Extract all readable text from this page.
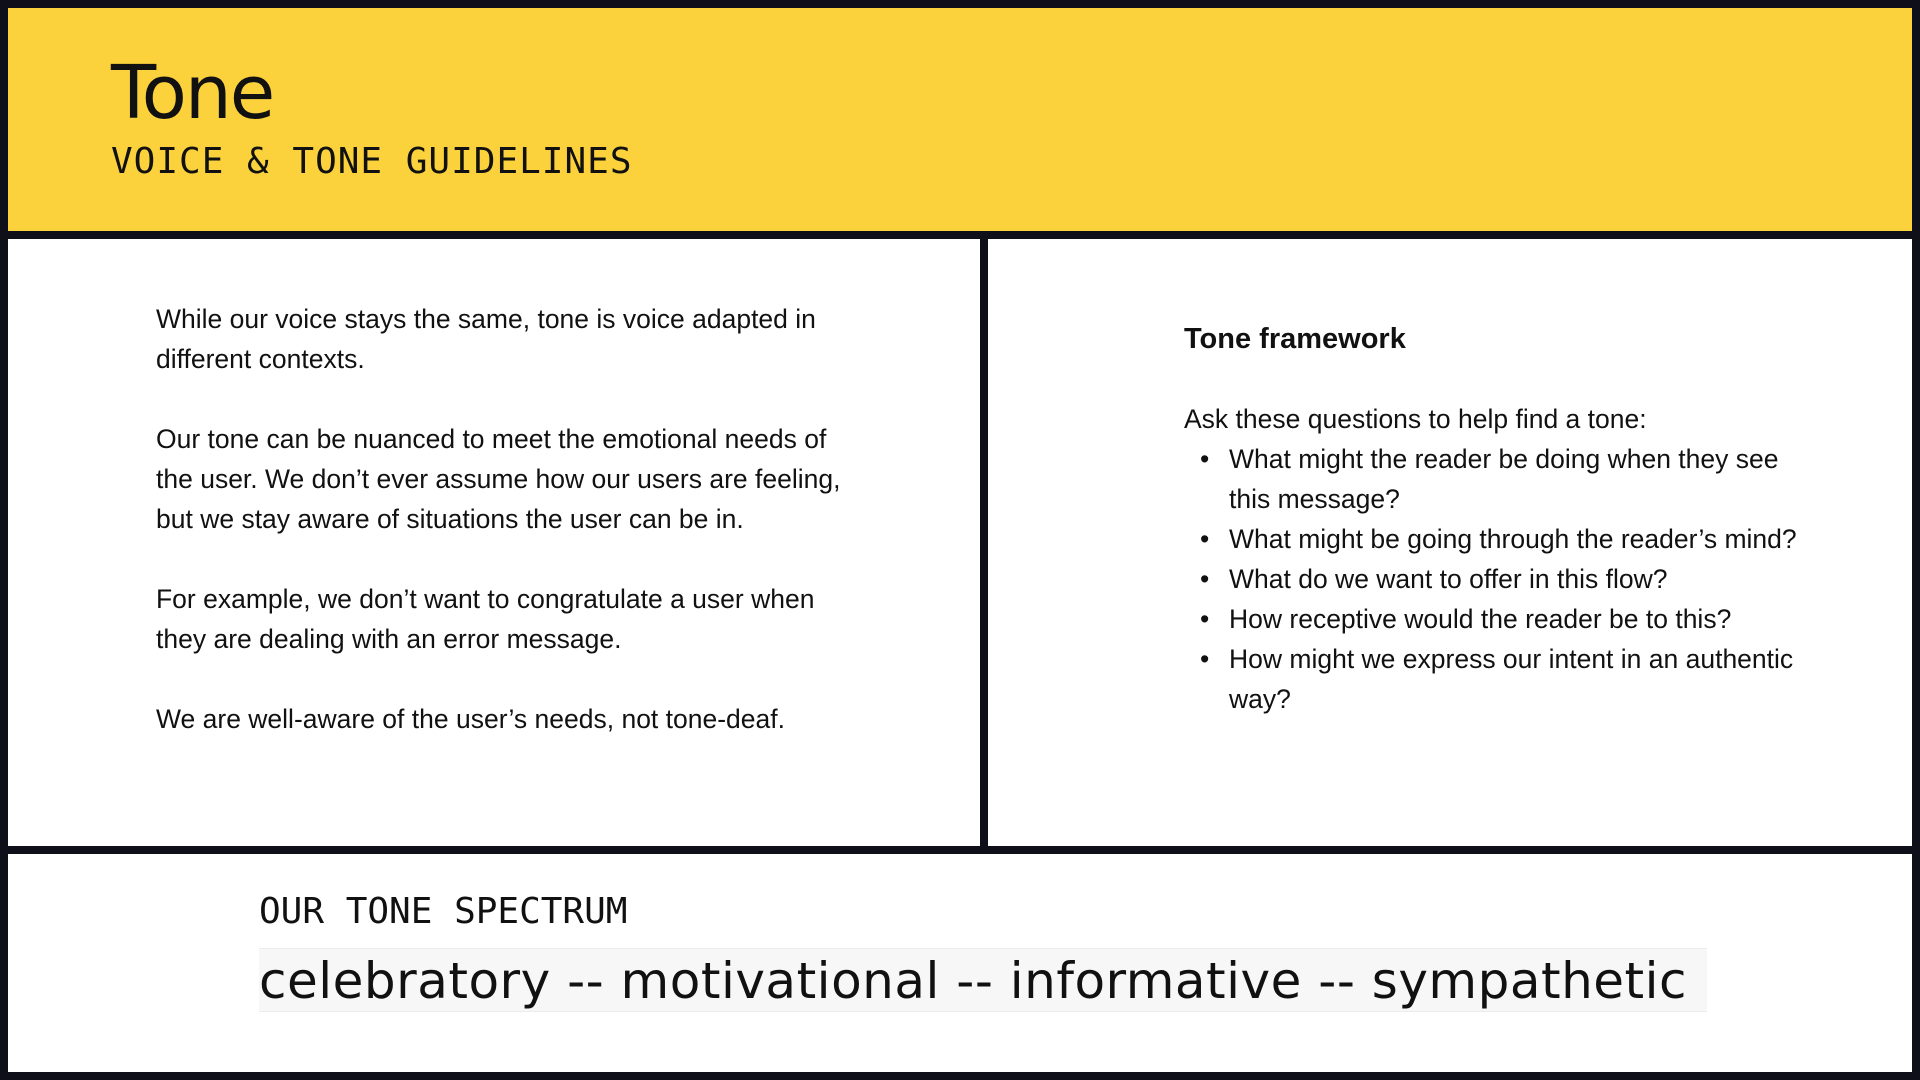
Tone
VOICE & TONE GUIDELINES

While our voice stays the same, tone is voice adapted in different contexts.

Our tone can be nuanced to meet the emotional needs of the user. We don’t ever assume how our users are feeling, but we stay aware of situations the user can be in.

For example, we don’t want to congratulate a user when they are dealing with an error message.

We are well-aware of the user’s needs, not tone-deaf.

Tone framework
Ask these questions to help find a tone:
• What might the reader be doing when they see this message?
• What might be going through the reader’s mind?
• What do we want to offer in this flow?
• How receptive would the reader be to this?
• How might we express our intent in an authentic way?
OUR TONE SPECTRUM
celebratory -- motivational -- informative -- sympathetic
